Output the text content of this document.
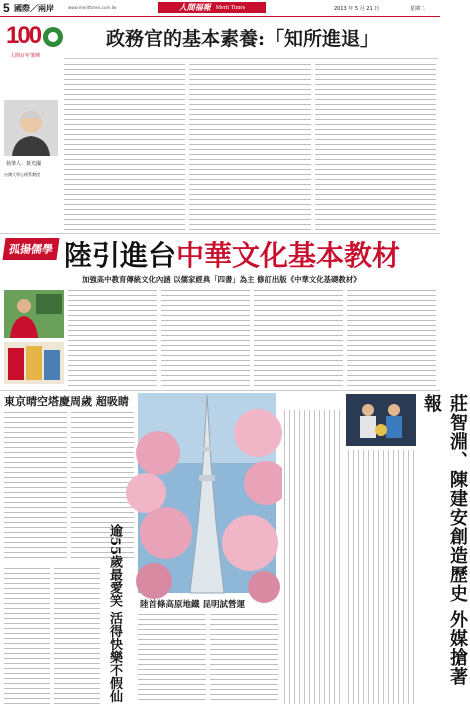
5 國際／兩岸	www.merittimes.com.tw	人間福報 Merit Times	2013 年 5 月 21 日	星期二
100
人間百年筆陣
政務官的基本素養:「知所進退」
執筆人：黃光國
台灣大學心理系教授
孤揚儒學 陸引進台中華文化基本教材
加強高中教育傳統文化內涵 以儒家經典「四書」為主 修訂出版《中華文化基礎教材》
東京晴空塔慶周歲 超吸睛
陸首條高原地鐵 昆明試營運
逾55歲最愛笑 活得快樂不假仙	莊智淵、陳建安創造歷史 外媒搶著報
